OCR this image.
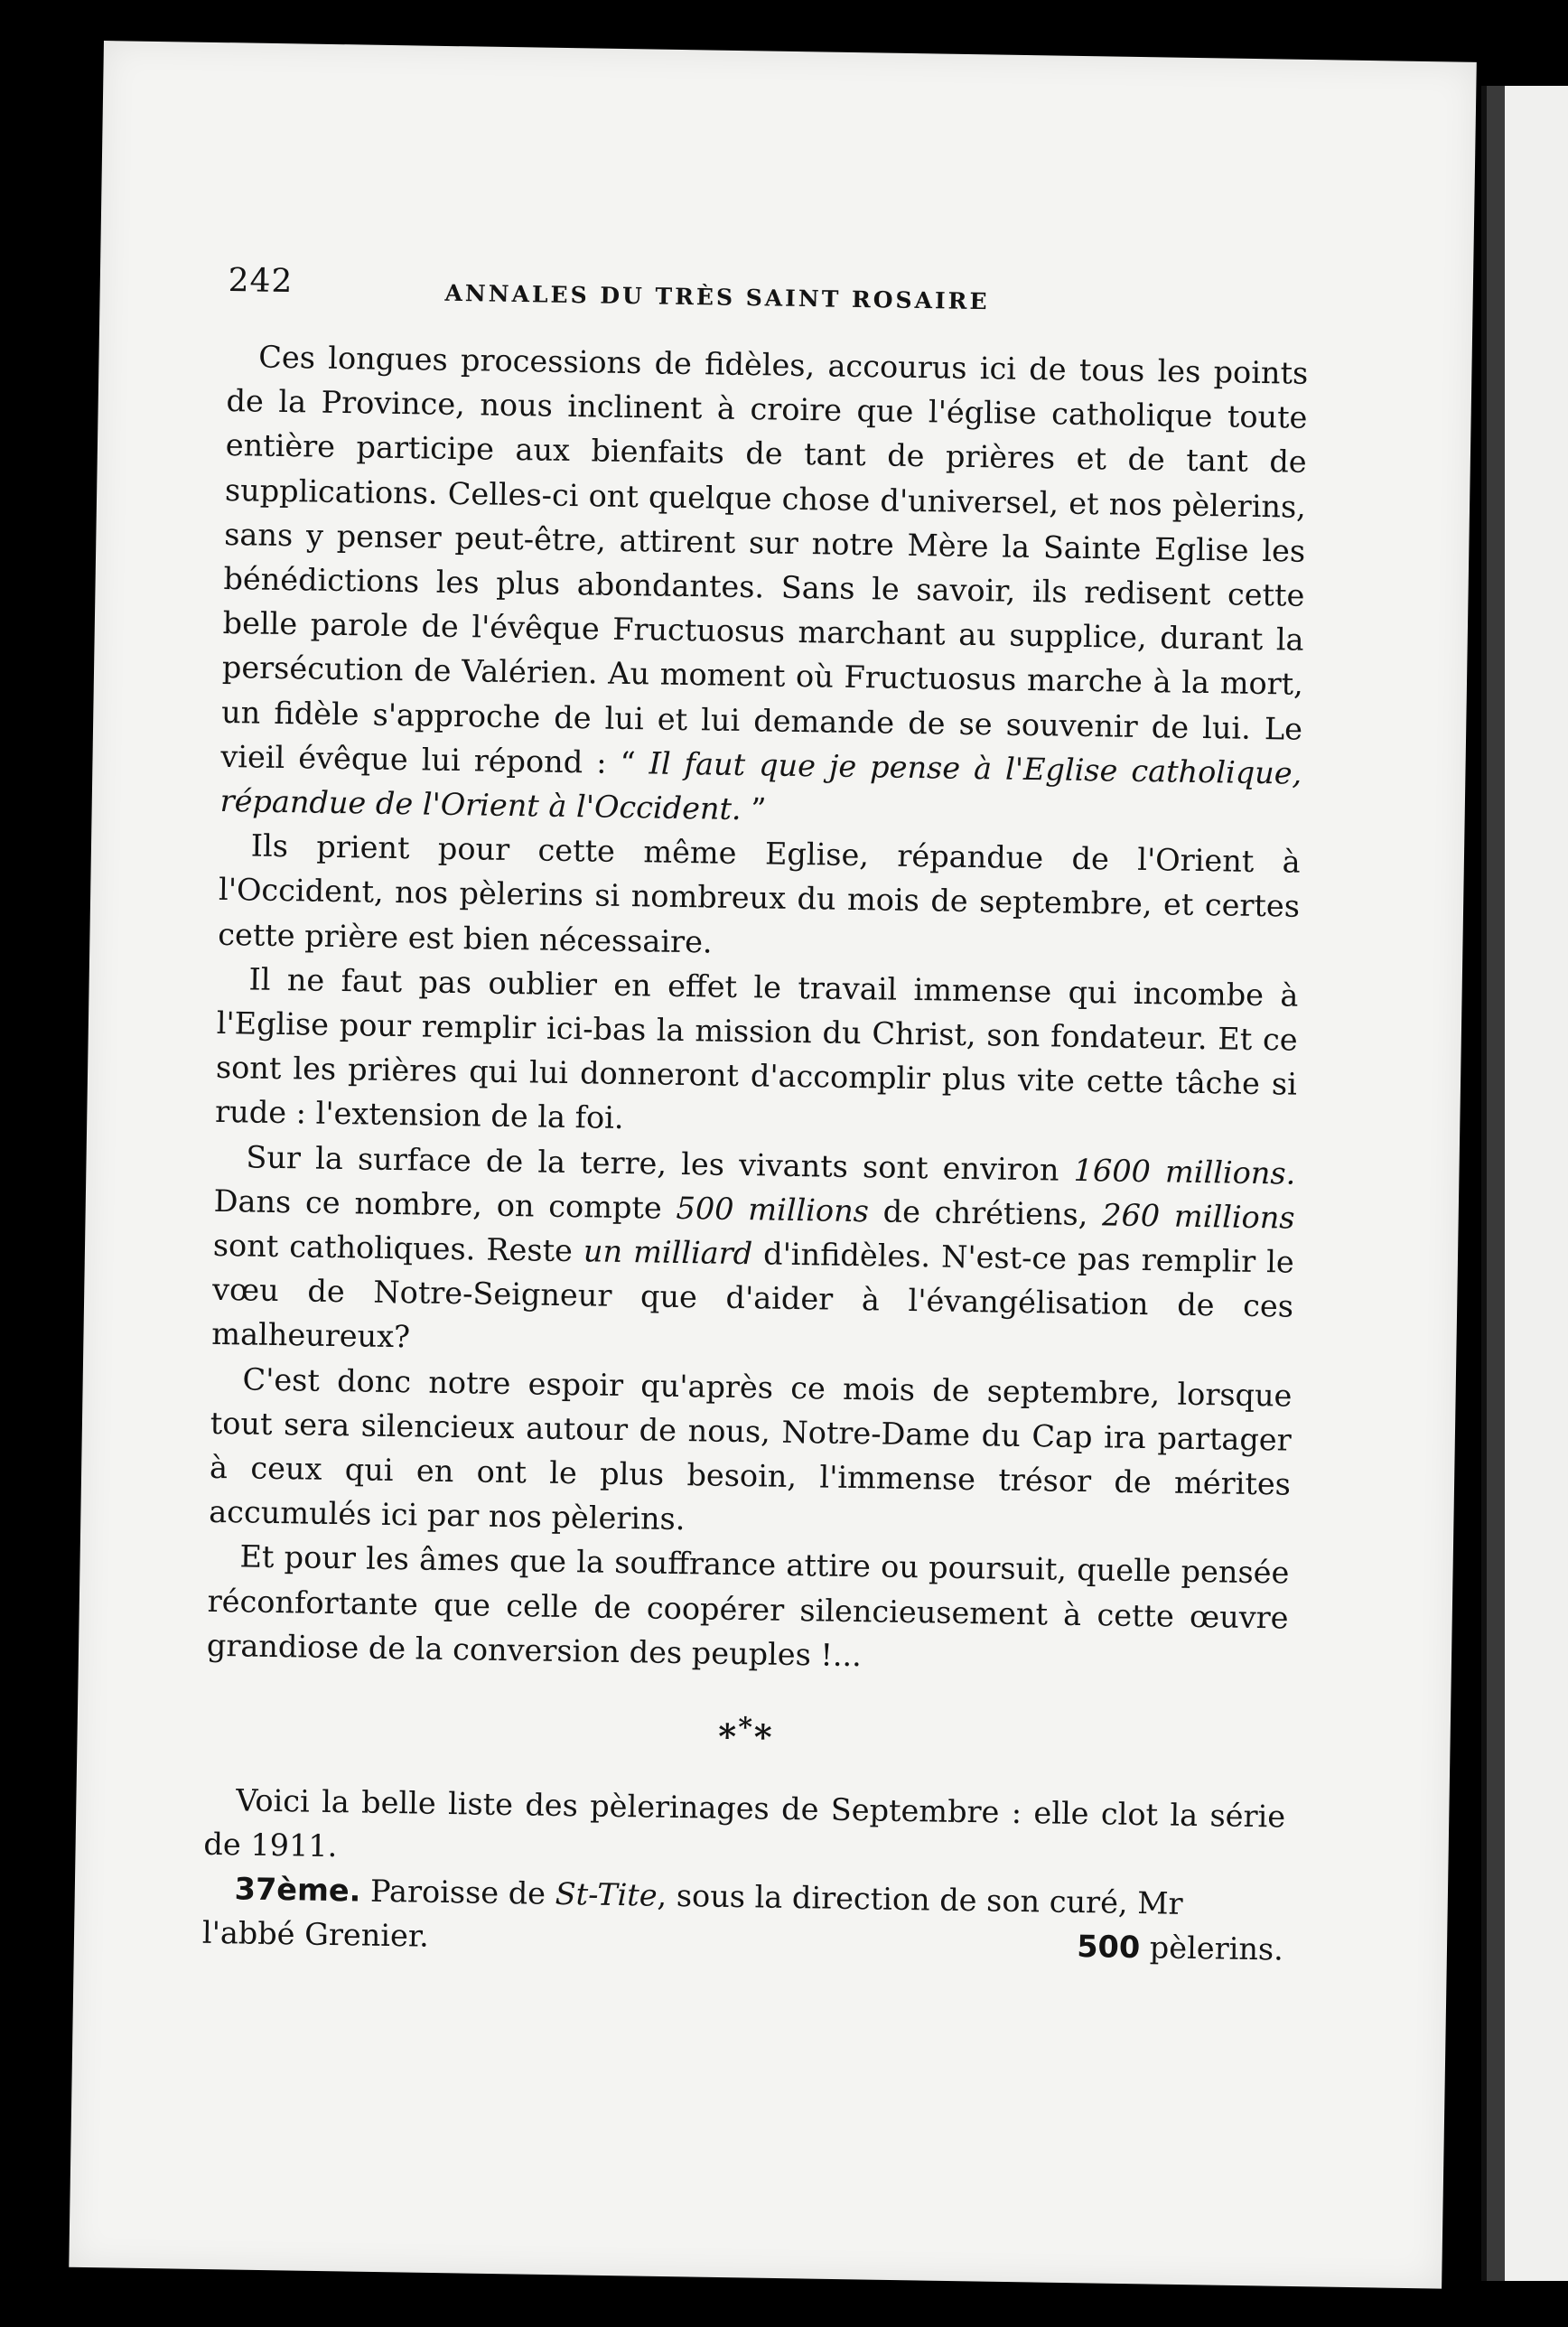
242	ANNALES DU TRÈS SAINT ROSAIRE

Ces longues processions de fidèles, accourus ici de tous les points de la Province, nous inclinent à croire que l'église catholique toute entière participe aux bienfaits de tant de prières et de tant de supplications. Celles-ci ont quelque chose d'universel, et nos pèlerins, sans y penser peut-être, attirent sur notre Mère la Sainte Eglise les bénédictions les plus abondantes. Sans le savoir, ils redisent cette belle parole de l'évêque Fructuosus marchant au supplice, durant la persécution de Valérien. Au moment où Fructuosus marche à la mort, un fidèle s'approche de lui et lui demande de se souvenir de lui. Le vieil évêque lui répond : “ Il faut que je pense à l'Eglise catholique, répandue de l'Orient à l'Occident. ”

Ils prient pour cette même Eglise, répandue de l'Orient à l'Occident, nos pèlerins si nombreux du mois de septembre, et certes cette prière est bien nécessaire.

Il ne faut pas oublier en effet le travail immense qui incombe à l'Eglise pour remplir ici-bas la mission du Christ, son fondateur. Et ce sont les prières qui lui donneront d'accomplir plus vite cette tâche si rude : l'extension de la foi.

Sur la surface de la terre, les vivants sont environ 1600 millions. Dans ce nombre, on compte 500 millions de chrétiens, 260 millions sont catholiques. Reste un milliard d'infidèles. N'est-ce pas remplir le vœu de Notre-Seigneur que d'aider à l'évangélisation de ces malheureux?

C'est donc notre espoir qu'après ce mois de septembre, lorsque tout sera silencieux autour de nous, Notre-Dame du Cap ira partager à ceux qui en ont le plus besoin, l'immense trésor de mérites accumulés ici par nos pèlerins.

Et pour les âmes que la souffrance attire ou poursuit, quelle pensée réconfortante que celle de coopérer silencieusement à cette œuvre grandiose de la conversion des peuples !...

***

Voici la belle liste des pèlerinages de Septembre : elle clot la série de 1911.

37ème. Paroisse de St-Tite, sous la direction de son curé, Mr

l'abbé Grenier.	500 pèlerins.
